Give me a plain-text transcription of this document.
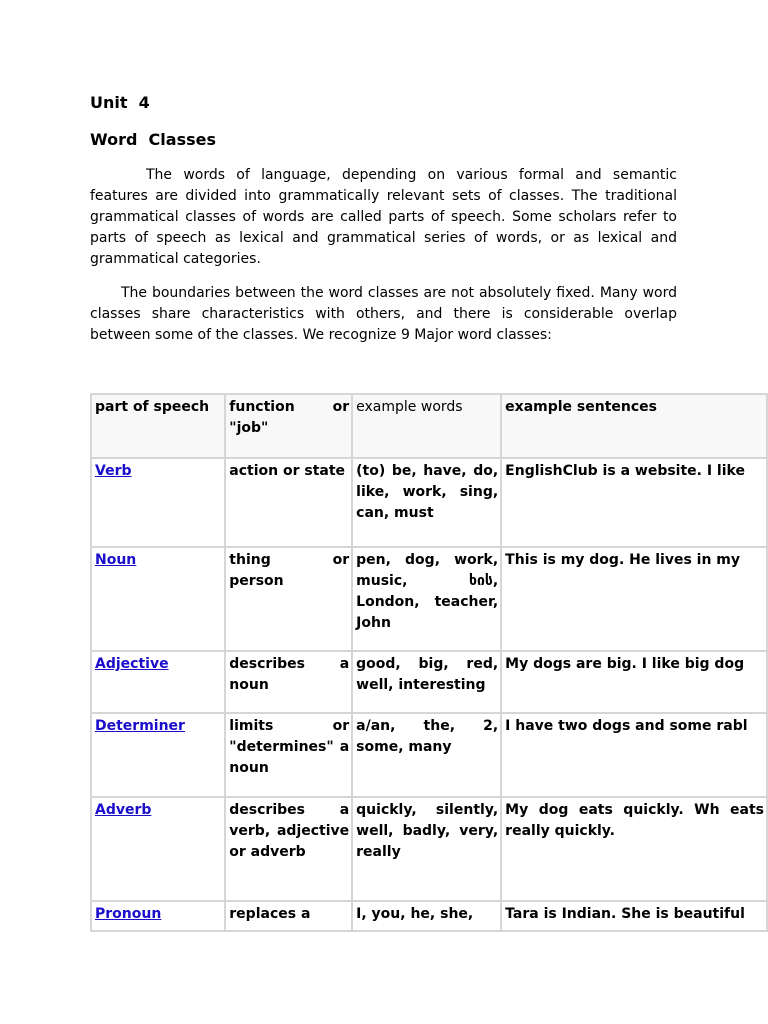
Unit  4
Word  Classes

The words of language, depending on various formal and semantic features are divided into grammatically relevant sets of classes. The traditional grammatical classes of words are called parts of speech. Some scholars refer to parts of speech as lexical and grammatical series of words, or as lexical and grammatical categories.

The boundaries between the word classes are not absolutely fixed. Many word classes share characteristics with others, and there is considerable overlap between some of the classes. We recognize 9 Major word classes:

part of speech	function or "job"	example words	example sentences
Verb	action or state	(to) be, have, do, like, work, sing, can, must	EnglishClub is a website. I like
Noun	thing or person	pen, dog, work, music, ხის, London, teacher, John	This is my dog. He lives in my
Adjective	describes a noun	good, big, red, well, interesting	My dogs are big. I like big dog
Determiner	limits or "determines" a noun	a/an, the, 2, some, many	I have two dogs and some rabl
Adverb	describes a verb, adjective or adverb	quickly, silently, well, badly, very, really	My dog eats quickly. Wh eats really quickly.
Pronoun	replaces a	I, you, he, she,	Tara is Indian. She is beautiful
